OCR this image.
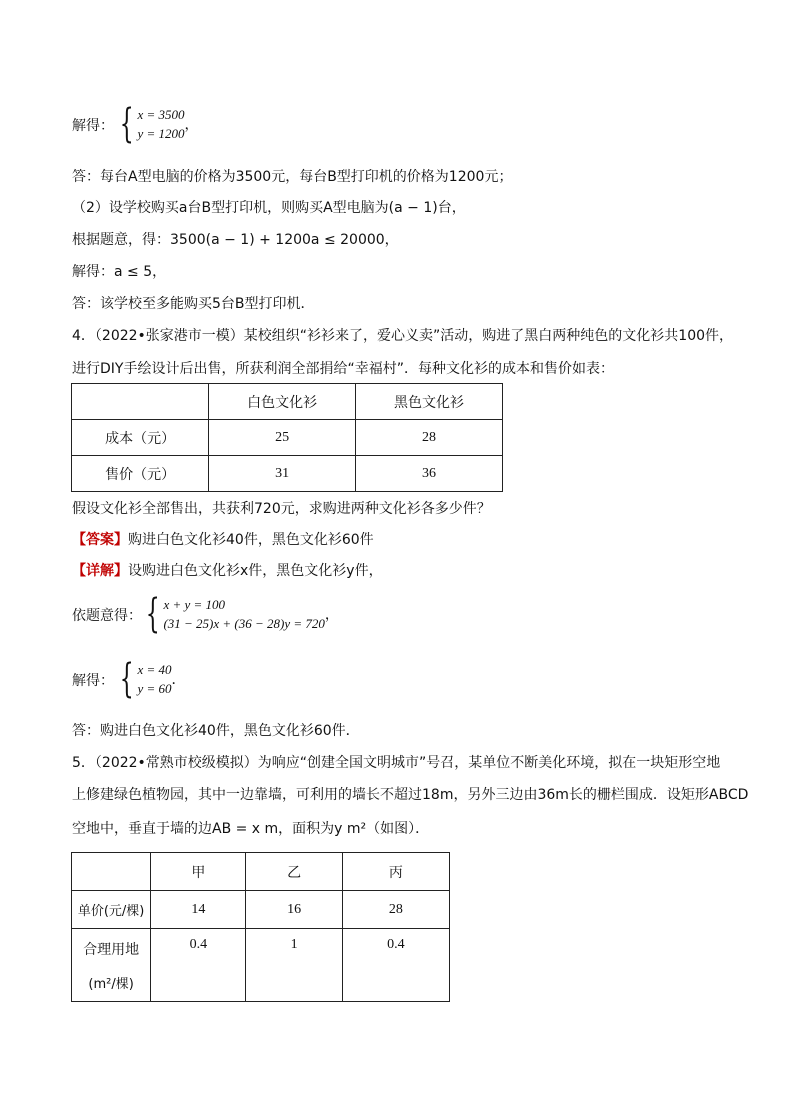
解得： { x = 3500
y = 1200
，
答：每台A型电脑的价格为3500元，每台B型打印机的价格为1200元；
（2）设学校购买a台B型打印机，则购买A型电脑为(a − 1)台，
根据题意，得：3500(a − 1) + 1200a ≤ 20000，
解得：a ≤ 5，
答：该学校至多能购买5台B型打印机．
4．（2022•张家港市一模）某校组织“衫衫来了，爱心义卖”活动，购进了黑白两种纯色的文化衫共100件，
进行DIY手绘设计后出售，所获利润全部捐给“幸福村”．每种文化衫的成本和售价如表：
	白色文化衫	黑色文化衫
成本（元）	25	28
售价（元）	31	36
假设文化衫全部售出，共获利720元，求购进两种文化衫各多少件？
【答案】购进白色文化衫40件，黑色文化衫60件
【详解】设购进白色文化衫x件，黑色文化衫y件，
依题意得： { x + y = 100
(31 − 25)x + (36 − 28)y = 720
，
解得： { x = 40
y = 60
．
答：购进白色文化衫40件，黑色文化衫60件．
5．（2022•常熟市校级模拟）为响应“创建全国文明城市”号召，某单位不断美化环境，拟在一块矩形空地
上修建绿色植物园，其中一边靠墙，可利用的墙长不超过18m，另外三边由36m长的栅栏围成．设矩形ABCD
空地中，垂直于墙的边AB = x m，面积为y m²（如图）．
	甲	乙	丙
单价(元/棵)	14	16	28

合理用地
(m²/棵)	0.4	1	0.4
